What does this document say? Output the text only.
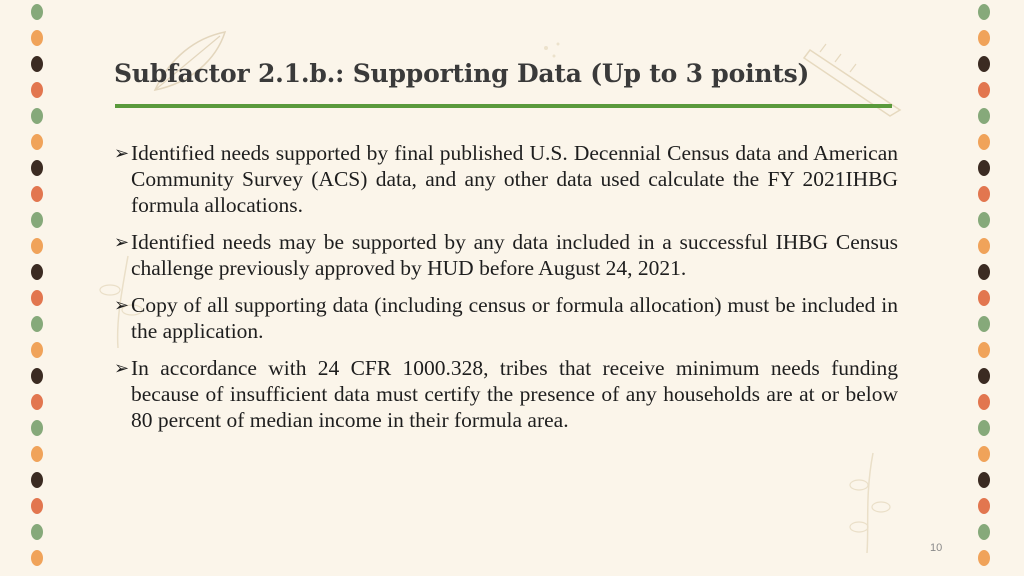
Subfactor 2.1.b.: Supporting Data (Up to 3 points)
➢ Identified needs supported by final published U.S. Decennial Census data and American Community Survey (ACS) data, and any other data used calculate the FY 2021IHBG formula allocations.
➢ Identified needs may be supported by any data included in a successful IHBG Census challenge previously approved by HUD before August 24, 2021.
➢ Copy of all supporting data (including census or formula allocation) must be included in the application.
➢ In accordance with 24 CFR 1000.328, tribes that receive minimum needs funding because of insufficient data must certify the presence of any households are at or below 80 percent of median income in their formula area.
10
